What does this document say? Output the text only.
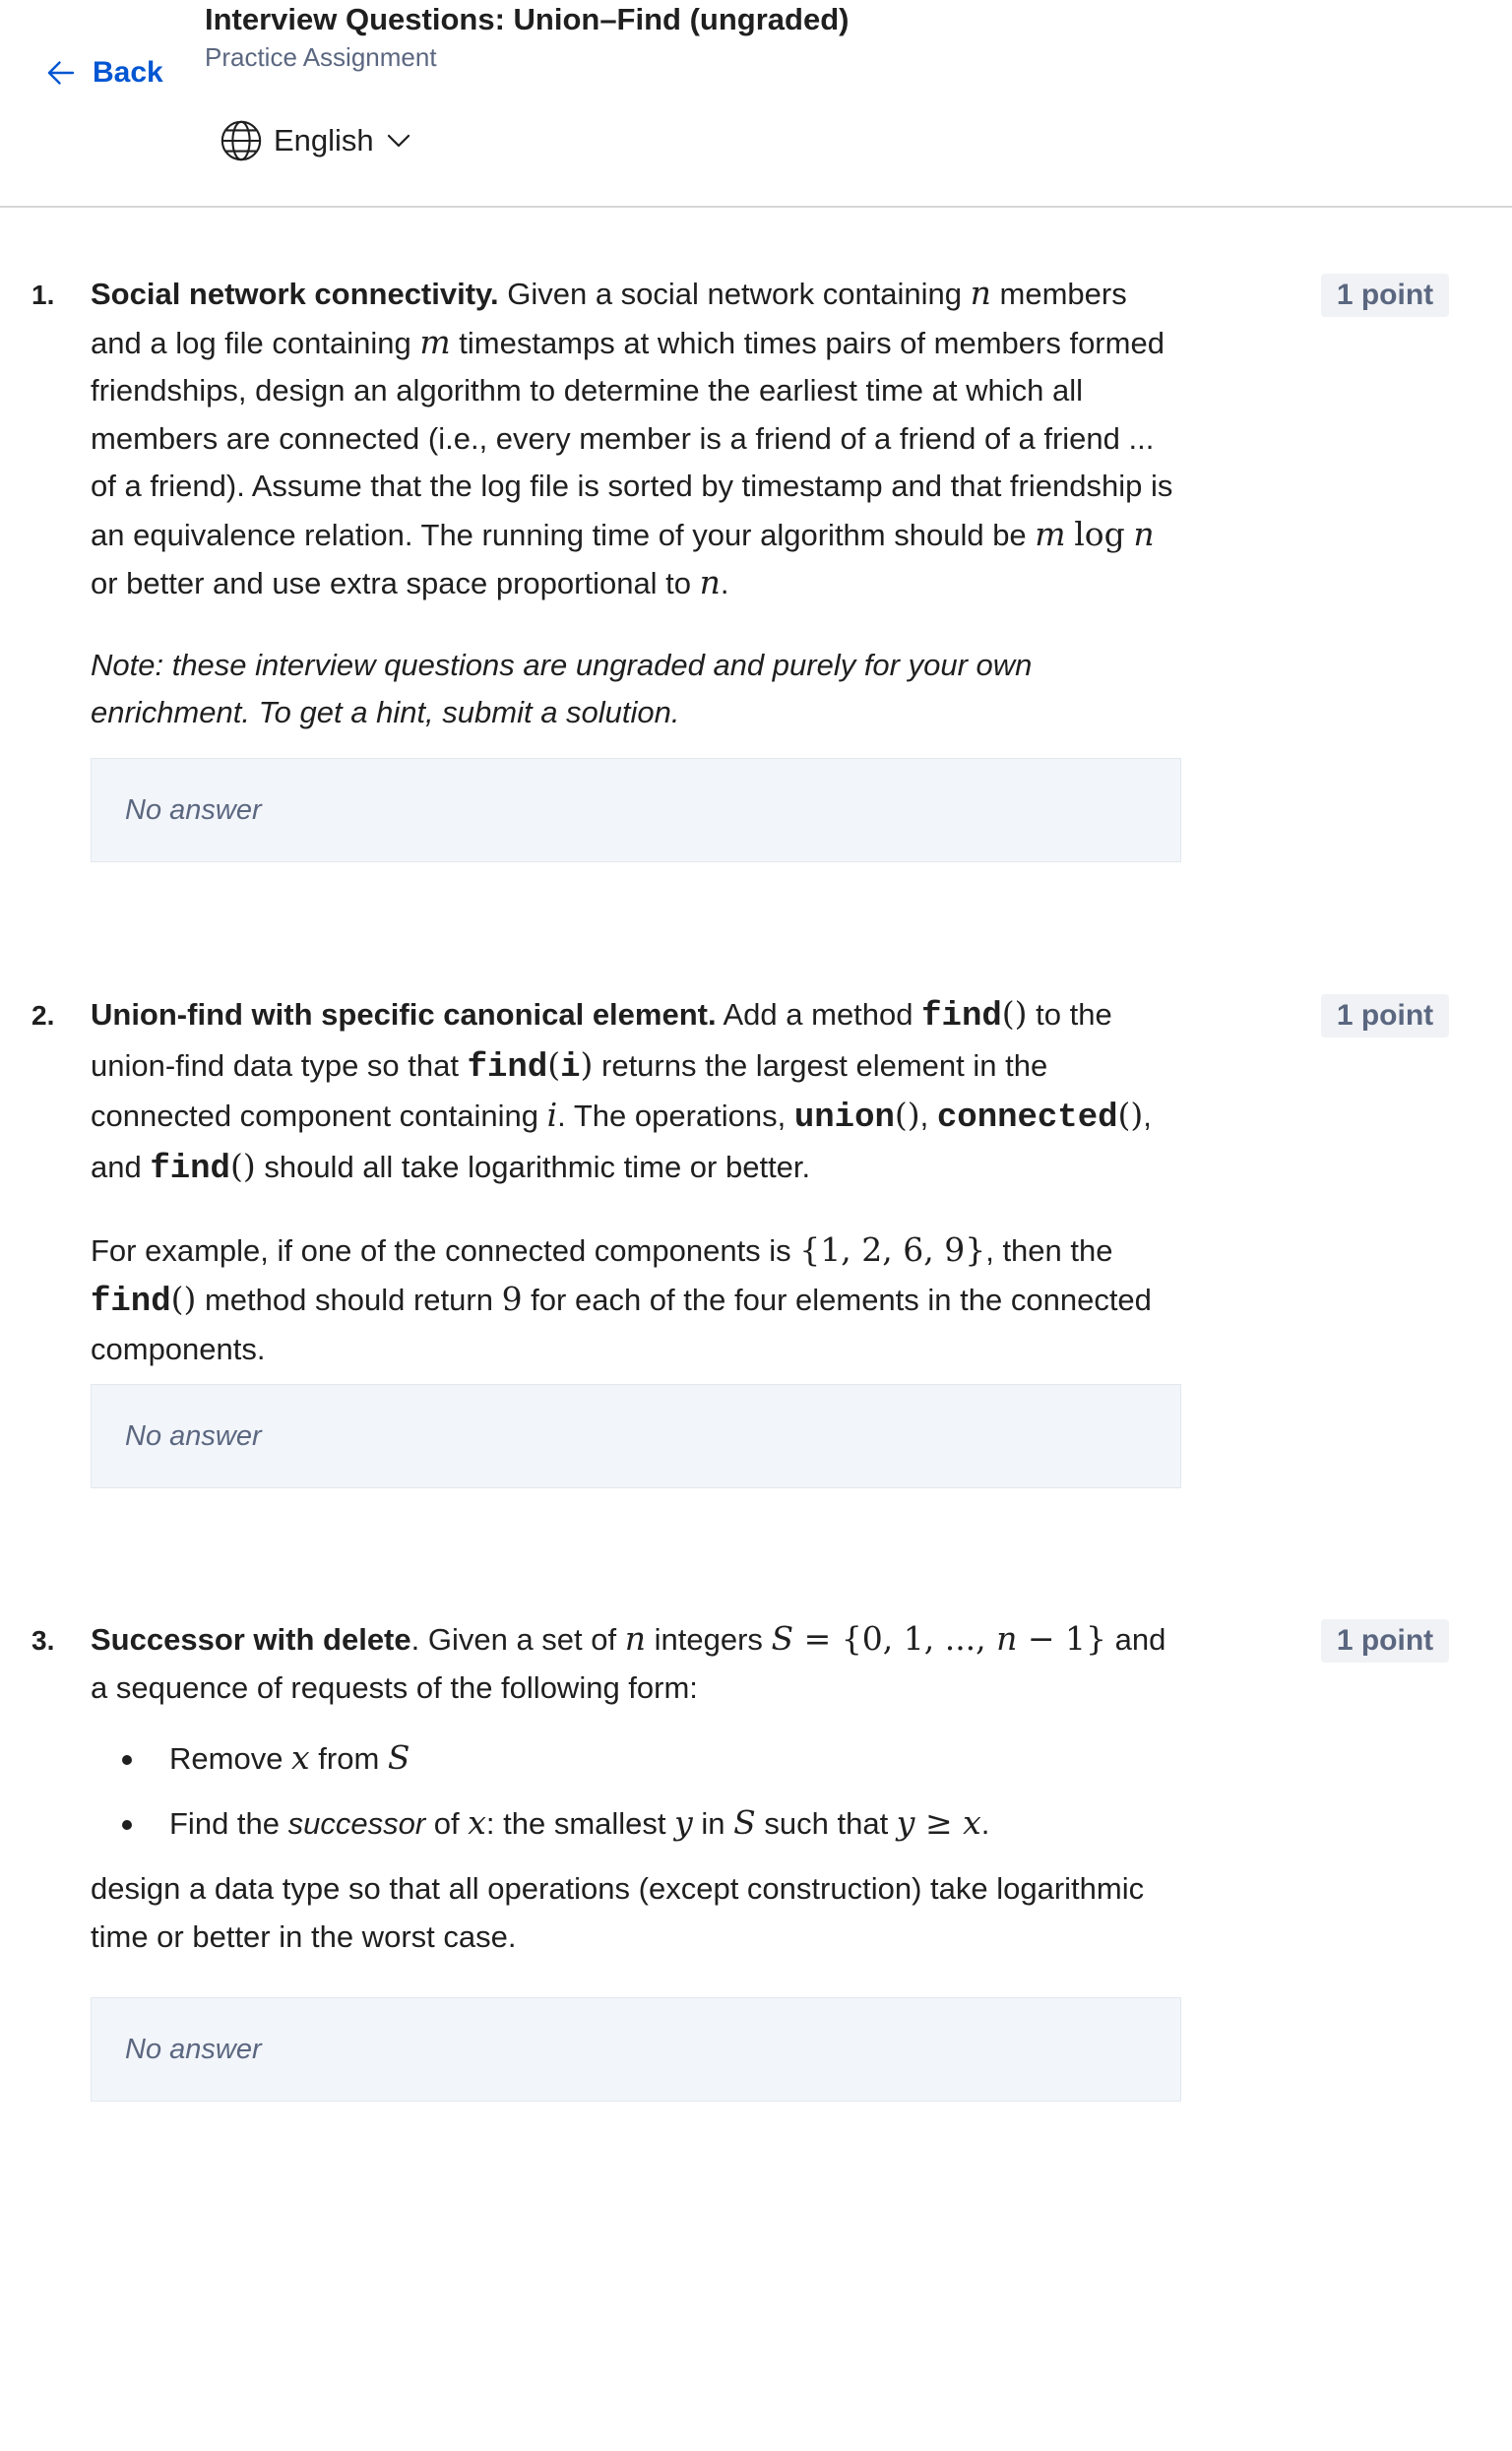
Back
Interview Questions: Union–Find (ungraded)
Practice Assignment
English
1. Social network connectivity. Given a social network containing n members and a log file containing m timestamps at which times pairs of members formed friendships, design an algorithm to determine the earliest time at which all members are connected (i.e., every member is a friend of a friend of a friend ... of a friend). Assume that the log file is sorted by timestamp and that friendship is an equivalence relation. The running time of your algorithm should be m log n or better and use extra space proportional to n.

Note: these interview questions are ungraded and purely for your own enrichment. To get a hint, submit a solution.

1 point
No answer
2. Union-find with specific canonical element. Add a method find() to the union-find data type so that find(i) returns the largest element in the connected component containing i. The operations, union(), connected(), and find() should all take logarithmic time or better.

For example, if one of the connected components is {1, 2, 6, 9}, then the find() method should return 9 for each of the four elements in the connected components.

1 point
No answer
3. Successor with delete. Given a set of n integers S = {0, 1, ..., n − 1} and a sequence of requests of the following form:

Remove x from S
Find the successor of x: the smallest y in S such that y ≥ x.

design a data type so that all operations (except construction) take logarithmic time or better in the worst case.

1 point
No answer
